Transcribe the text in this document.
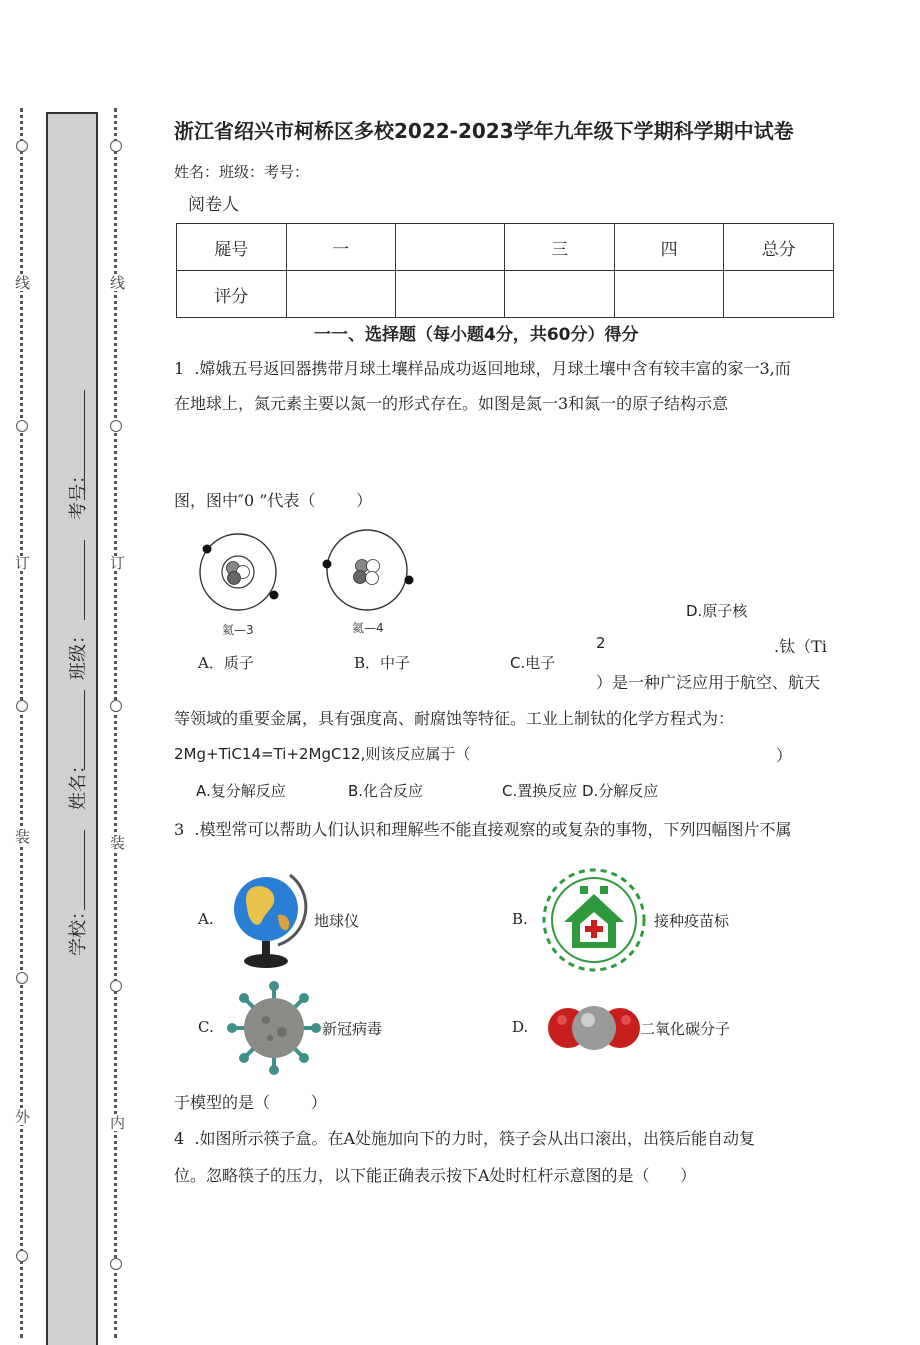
线
订
装
外
线
订
装
内
考号：
班级：
姓名：
学校：
浙江省绍兴市柯桥区多校2022-2023学年九年级下学期科学期中试卷
姓名：班级：考号：
阅卷人
屣号	一		三	四	总分
评分					
一一、选择题（每小题4分，共60分）得分
1  .嫦娥五号返回器携带月球土壤样品成功返回地球，月球土壤中含有较丰富的家一3,而
在地球上，氮元素主要以氮一的形式存在。如图是氮一3和氮一的原子结构示意
图，图中″0 ”代表（        ）
氦—3	氦—4
A．质子	B．中子	C.电子
D.原子核
2	.钛（Ti
）是一种广泛应用于航空、航天
等领域的重要金属，具有强度高、耐腐蚀等特征。工业上制钛的化学方程式为：
2Mg+TiC14=Ti+2MgC12,则该反应属于（	）
A.复分解反应	B.化合反应	C.置换反应 D.分解反应
3  .模型常可以帮助人们认识和理解些不能直接观察的或复杂的事物，下列四幅图片不属
A.	地球仪	B.	接种疫苗标
C.	新冠病毒	D.	二氧化碳分子
于模型的是（        ）
4  .如图所示筷子盒。在A处施加向下的力时，筷子会从出口滚出，出筷后能自动复
位。忽略筷子的压力，以下能正确表示按下A处时杠杆示意图的是（      ）
